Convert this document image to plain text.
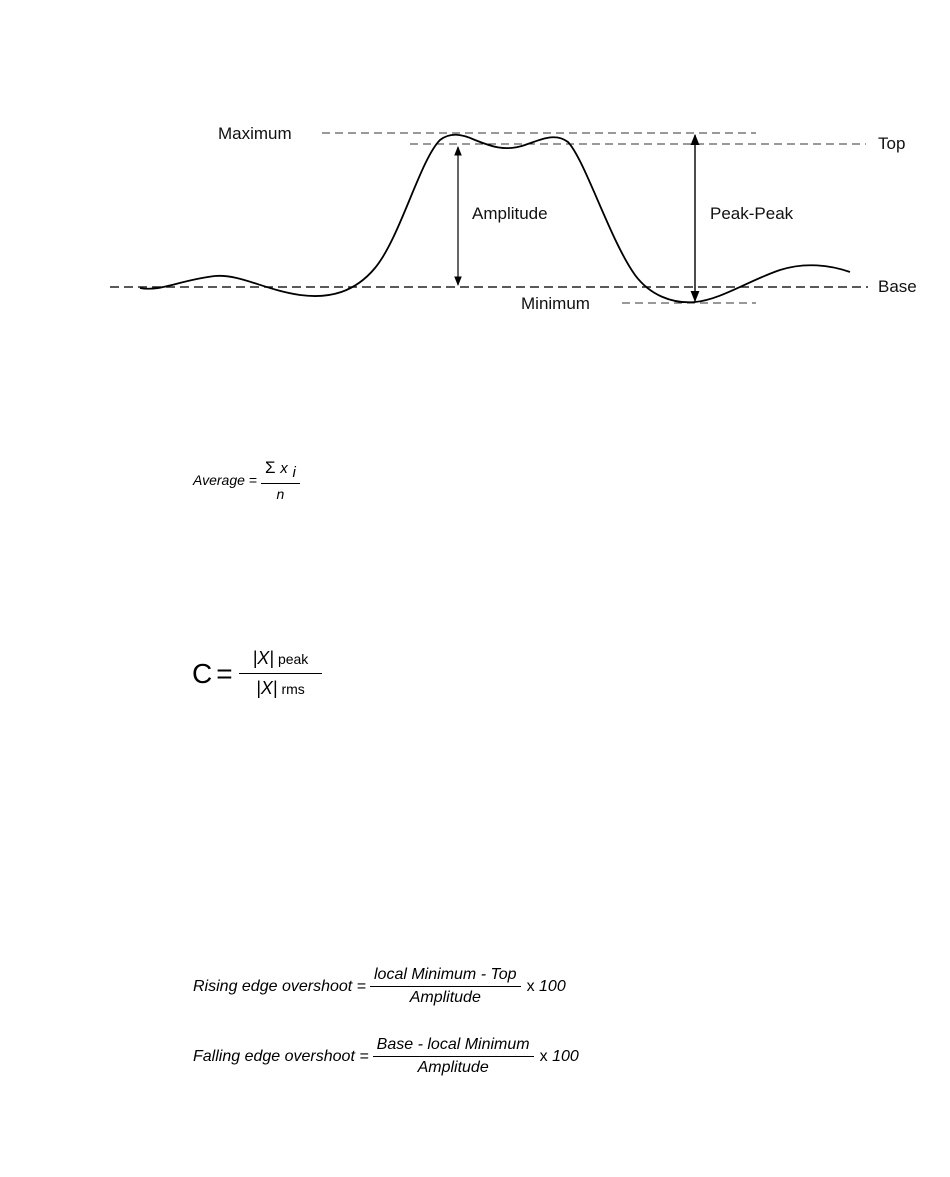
Maximum
Top
Amplitude	Peak-Peak
Base
Minimum
Average = $\frac{\Sigma x _i}{n}$
$C = \frac{\text{|X| peak}}{\text{|X| rms}}$
Rising edge overshoot = $\frac{\text{local Minimum - Top}}{\text{Amplitude}}$ x 100
Falling edge overshoot = $\frac{\text{Base - local Minimum}}{\text{Amplitude}}$ x 100
